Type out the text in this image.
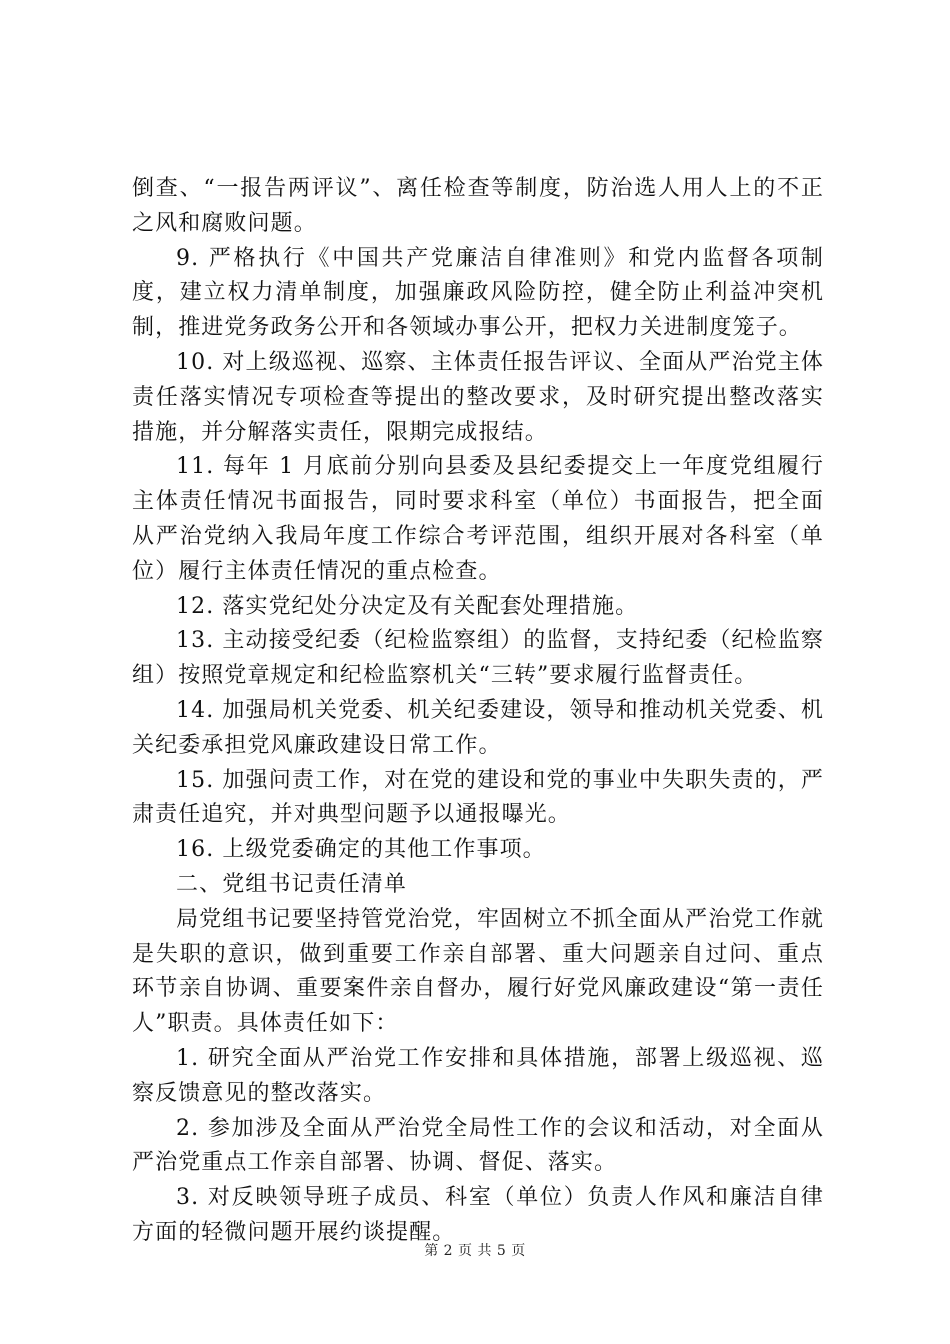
倒查、“一报告两评议”、离任检查等制度，防治选人用人上的不正之风和腐败问题。

9. 严格执行《中国共产党廉洁自律准则》和党内监督各项制度，建立权力清单制度，加强廉政风险防控，健全防止利益冲突机制，推进党务政务公开和各领域办事公开，把权力关进制度笼子。

10. 对上级巡视、巡察、主体责任报告评议、全面从严治党主体责任落实情况专项检查等提出的整改要求，及时研究提出整改落实措施，并分解落实责任，限期完成报结。

11. 每年 1 月底前分别向县委及县纪委提交上一年度党组履行主体责任情况书面报告，同时要求科室（单位）书面报告，把全面从严治党纳入我局年度工作综合考评范围，组织开展对各科室（单位）履行主体责任情况的重点检查。

12. 落实党纪处分决定及有关配套处理措施。

13. 主动接受纪委（纪检监察组）的监督，支持纪委（纪检监察组）按照党章规定和纪检监察机关“三转”要求履行监督责任。

14. 加强局机关党委、机关纪委建设，领导和推动机关党委、机关纪委承担党风廉政建设日常工作。

15. 加强问责工作，对在党的建设和党的事业中失职失责的，严肃责任追究，并对典型问题予以通报曝光。

16. 上级党委确定的其他工作事项。

二、党组书记责任清单

局党组书记要坚持管党治党，牢固树立不抓全面从严治党工作就是失职的意识，做到重要工作亲自部署、重大问题亲自过问、重点环节亲自协调、重要案件亲自督办，履行好党风廉政建设“第一责任人”职责。具体责任如下：

1. 研究全面从严治党工作安排和具体措施，部署上级巡视、巡察反馈意见的整改落实。

2. 参加涉及全面从严治党全局性工作的会议和活动，对全面从严治党重点工作亲自部署、协调、督促、落实。

3. 对反映领导班子成员、科室（单位）负责人作风和廉洁自律方面的轻微问题开展约谈提醒。

第 2 页 共 5 页
